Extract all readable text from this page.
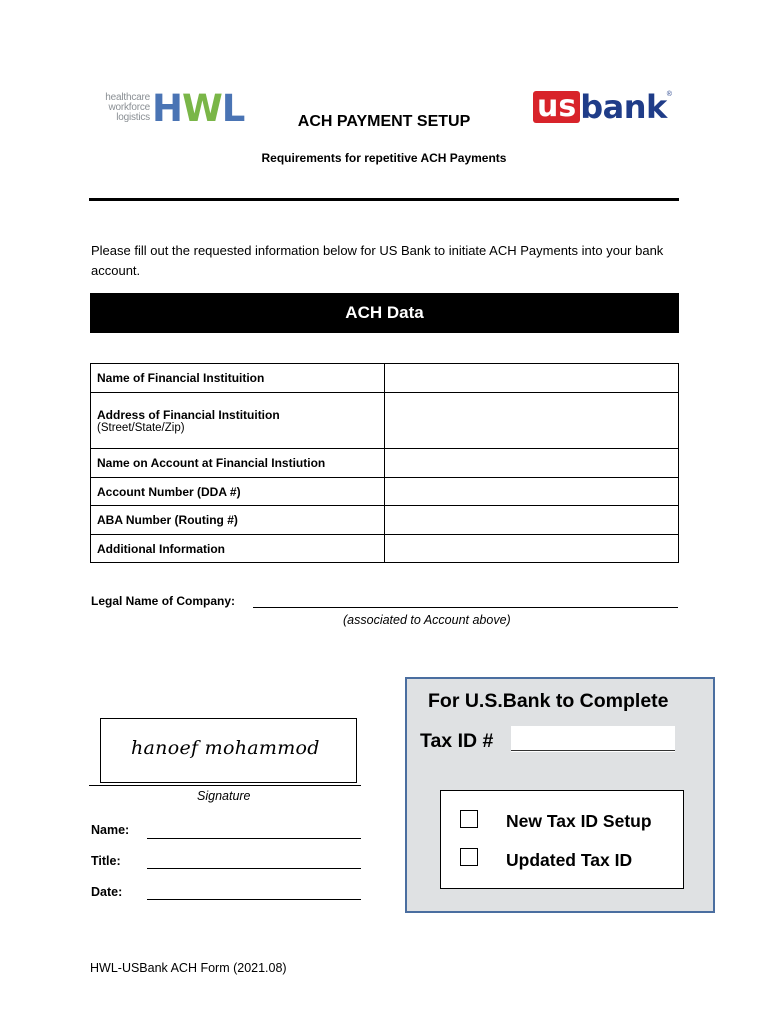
healthcare
workforce
logistics HWL	us bank®
ACH PAYMENT SETUP
Requirements for repetitive ACH Payments
Please fill out the requested information below for US Bank to initiate ACH Payments into your bank account.
ACH Data
Name of Financial Instituition	
Address of Financial Instituition
(Street/State/Zip)	

Name on Account at Financial Instiution	
Account Number (DDA #)	
ABA Number (Routing #)	
Additional Information	
Legal Name of Company:
(associated to Account above)
hanoef mohammod
Signature
Name:
Title:
Date:
For U.S.Bank to Complete
Tax ID #
New Tax ID Setup
Updated Tax ID
HWL-USBank ACH Form (2021.08)
